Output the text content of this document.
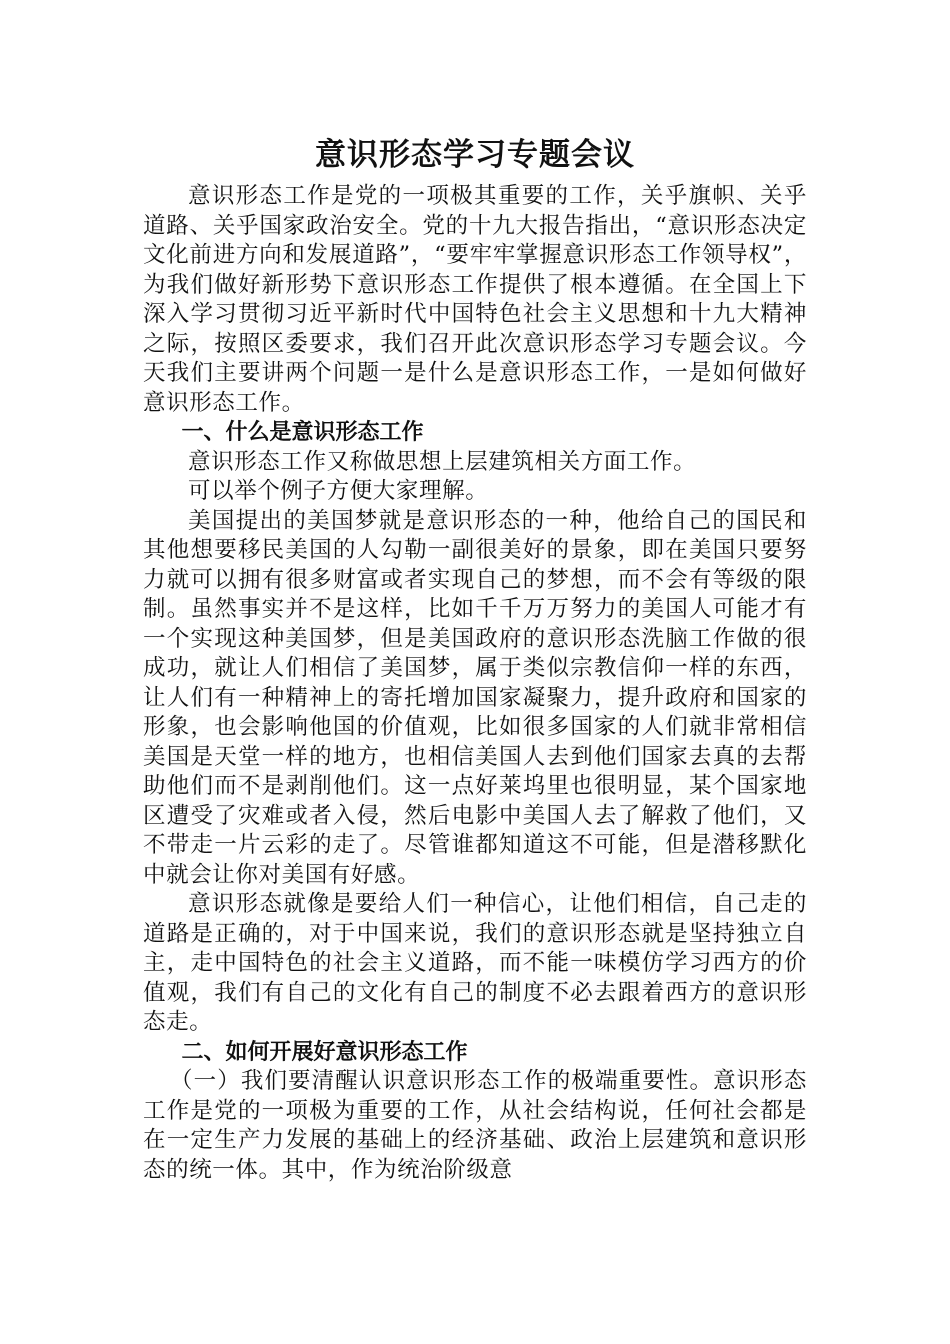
意识形态学习专题会议

意识形态工作是党的一项极其重要的工作，关乎旗帜、关乎道路、关乎国家政治安全。党的十九大报告指出，“意识形态决定文化前进方向和发展道路”，“要牢牢掌握意识形态工作领导权”，为我们做好新形势下意识形态工作提供了根本遵循。在全国上下深入学习贯彻习近平新时代中国特色社会主义思想和十九大精神之际，按照区委要求，我们召开此次意识形态学习专题会议。今天我们主要讲两个问题一是什么是意识形态工作，一是如何做好意识形态工作。

一、什么是意识形态工作

意识形态工作又称做思想上层建筑相关方面工作。

可以举个例子方便大家理解。

美国提出的美国梦就是意识形态的一种，他给自己的国民和其他想要移民美国的人勾勒一副很美好的景象，即在美国只要努力就可以拥有很多财富或者实现自己的梦想，而不会有等级的限制。虽然事实并不是这样，比如千千万万努力的美国人可能才有一个实现这种美国梦，但是美国政府的意识形态洗脑工作做的很成功，就让人们相信了美国梦，属于类似宗教信仰一样的东西，让人们有一种精神上的寄托增加国家凝聚力，提升政府和国家的形象，也会影响他国的价值观，比如很多国家的人们就非常相信美国是天堂一样的地方，也相信美国人去到他们国家去真的去帮助他们而不是剥削他们。这一点好莱坞里也很明显，某个国家地区遭受了灾难或者入侵，然后电影中美国人去了解救了他们，又不带走一片云彩的走了。尽管谁都知道这不可能，但是潜移默化中就会让你对美国有好感。

意识形态就像是要给人们一种信心，让他们相信，自己走的道路是正确的，对于中国来说，我们的意识形态就是坚持独立自主，走中国特色的社会主义道路，而不能一味模仿学习西方的价值观，我们有自己的文化有自己的制度不必去跟着西方的意识形态走。

二、如何开展好意识形态工作

（一）我们要清醒认识意识形态工作的极端重要性。意识形态工作是党的一项极为重要的工作，从社会结构说，任何社会都是在一定生产力发展的基础上的经济基础、政治上层建筑和意识形态的统一体。其中，作为统治阶级意
